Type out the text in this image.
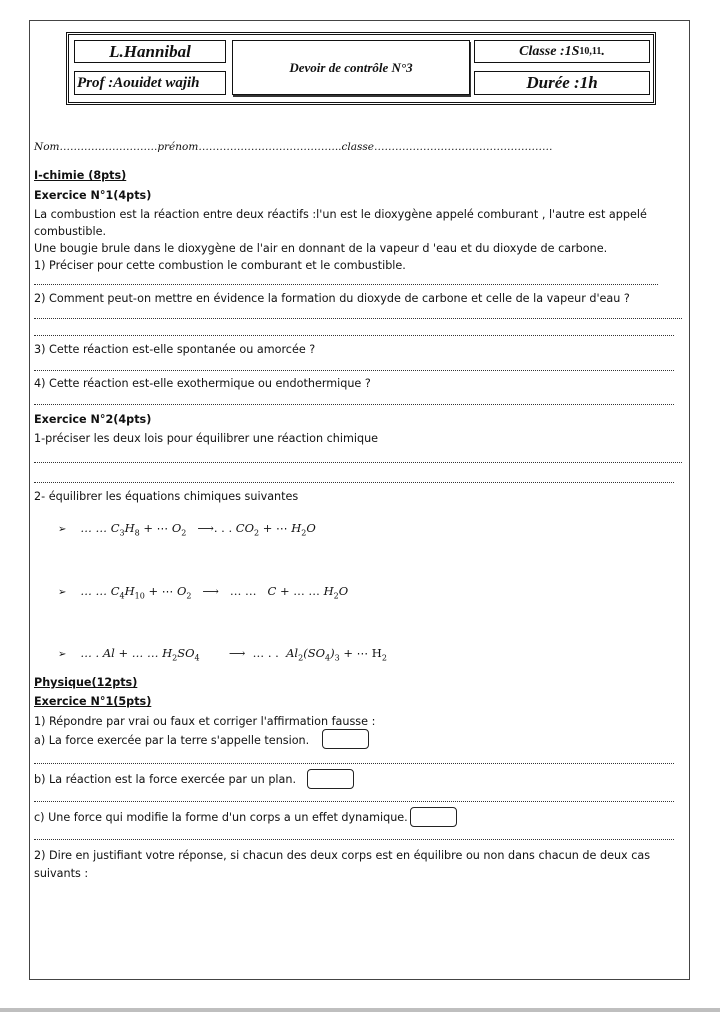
L.Hannibal
Prof :Aouidet wajih
Devoir de contrôle N°3
Classe :1 S 10,11 .
Durée :1h
Nom……………………….prénom…………………………………..classe……………………………………………
I-chimie (8pts)
Exercice N°1(4pts)
La combustion est la réaction entre deux réactifs :l'un est le dioxygène appelé comburant , l'autre est appelé
combustible.
Une bougie brule dans le dioxygène de l'air en donnant de la vapeur d 'eau et du dioxyde de carbone.
1) Préciser pour cette combustion le comburant et le combustible.
2) Comment peut-on mettre en évidence la formation du dioxyde de carbone et celle de la vapeur d'eau ?
3) Cette réaction est-elle spontanée ou amorcée ?
4) Cette réaction est-elle exothermique ou endothermique ?
Exercice N°2(4pts)
1-préciser les deux lois pour équilibrer une réaction chimique
2- équilibrer les équations chimiques suivantes
➢ … … $C_3H_8$ + ⋯ $O_2$   ⟶. . . $CO_2$ + ⋯ $H_2O$
➢ … … $C_4H_{10}$ + ⋯ $O_2$   ⟶   … …   C + … … $H_2O$
➢ … . Al + … … $H_2SO_4$        ⟶  … . .  $Al_2(SO_4)_3$ + ⋯ $H_2$
Physique(12pts)
Exercice N°1(5pts)
1) Répondre par vrai ou faux et corriger l'affirmation fausse :
a) La force exercée par la terre s'appelle tension.
b) La réaction est la force exercée par un plan.
c) Une force qui modifie la forme d'un corps a un effet dynamique.
2) Dire en justifiant votre réponse, si chacun des deux corps est en équilibre ou non dans chacun de deux cas
suivants :
